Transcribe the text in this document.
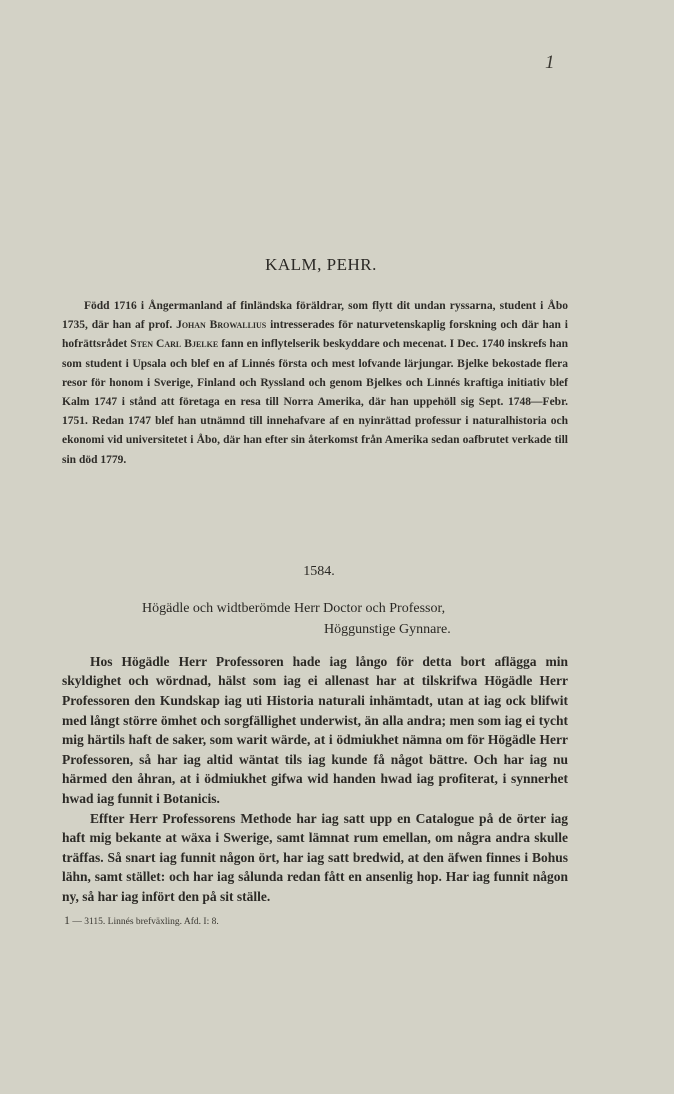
1
KALM, PEHR.

Född 1716 i Ångermanland af finländska föräldrar, som flytt dit undan ryssarna, student i Åbo 1735, där han af prof. Johan Browallius intresserades för naturvetenskaplig forskning och där han i hofrättsrådet Sten Carl Bjelke fann en inflytelserik beskyddare och mecenat. I Dec. 1740 inskrefs han som student i Upsala och blef en af Linnés första och mest lofvande lärjungar. Bjelke bekostade flera resor för honom i Sverige, Finland och Ryssland och genom Bjelkes och Linnés kraftiga initiativ blef Kalm 1747 i stånd att företaga en resa till Norra Amerika, där han uppehöll sig Sept. 1748—Febr. 1751. Redan 1747 blef han utnämnd till innehafvare af en nyinrättad professur i naturalhistoria och ekonomi vid universitetet i Åbo, där han efter sin återkomst från Amerika sedan oafbrutet verkade till sin död 1779.

1584.
Högädle och widtberömde Herr Doctor och Professor,
Höggunstige Gynnare.

Hos Högädle Herr Professoren hade iag långo för detta bort aflägga min skyldighet och wördnad, hälst som iag ei allenast har at tilskrifwa Högädle Herr Professoren den Kundskap iag uti Historia naturali inhämtadt, utan at iag ock blifwit med långt större ömhet och sorgfällighet underwist, än alla andra; men som iag ei tycht mig härtils haft de saker, som warit wärde, at i ödmiukhet nämna om för Högädle Herr Professoren, så har iag altid wäntat tils iag kunde få något bättre. Och har iag nu härmed den åhran, at i ödmiukhet gifwa wid handen hwad iag profiterat, i synnerhet hwad iag funnit i Botanicis.

Effter Herr Professorens Methode har iag satt upp en Catalogue på de örter iag haft mig bekante at wäxa i Swerige, samt lämnat rum emellan, om några andra skulle träffas. Så snart iag funnit någon ört, har iag satt bredwid, at den äfwen finnes i Bohus lähn, samt stället: och har iag sålunda redan fått en ansenlig hop. Har iag funnit någon ny, så har iag infört den på sit ställe.

1 — 3115. Linnés brefväxling. Afd. I: 8.
